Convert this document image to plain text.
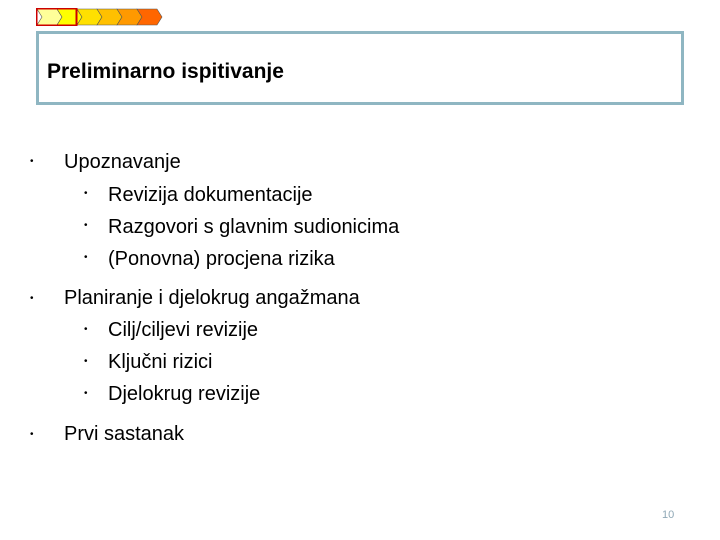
Preliminarno ispitivanje
• Upoznavanje
• Revizija dokumentacije
• Razgovori s glavnim sudionicima
• (Ponovna) procjena rizika
• Planiranje i djelokrug angažmana
• Cilj/ciljevi revizije
• Ključni rizici
• Djelokrug revizije
• Prvi sastanak
10
